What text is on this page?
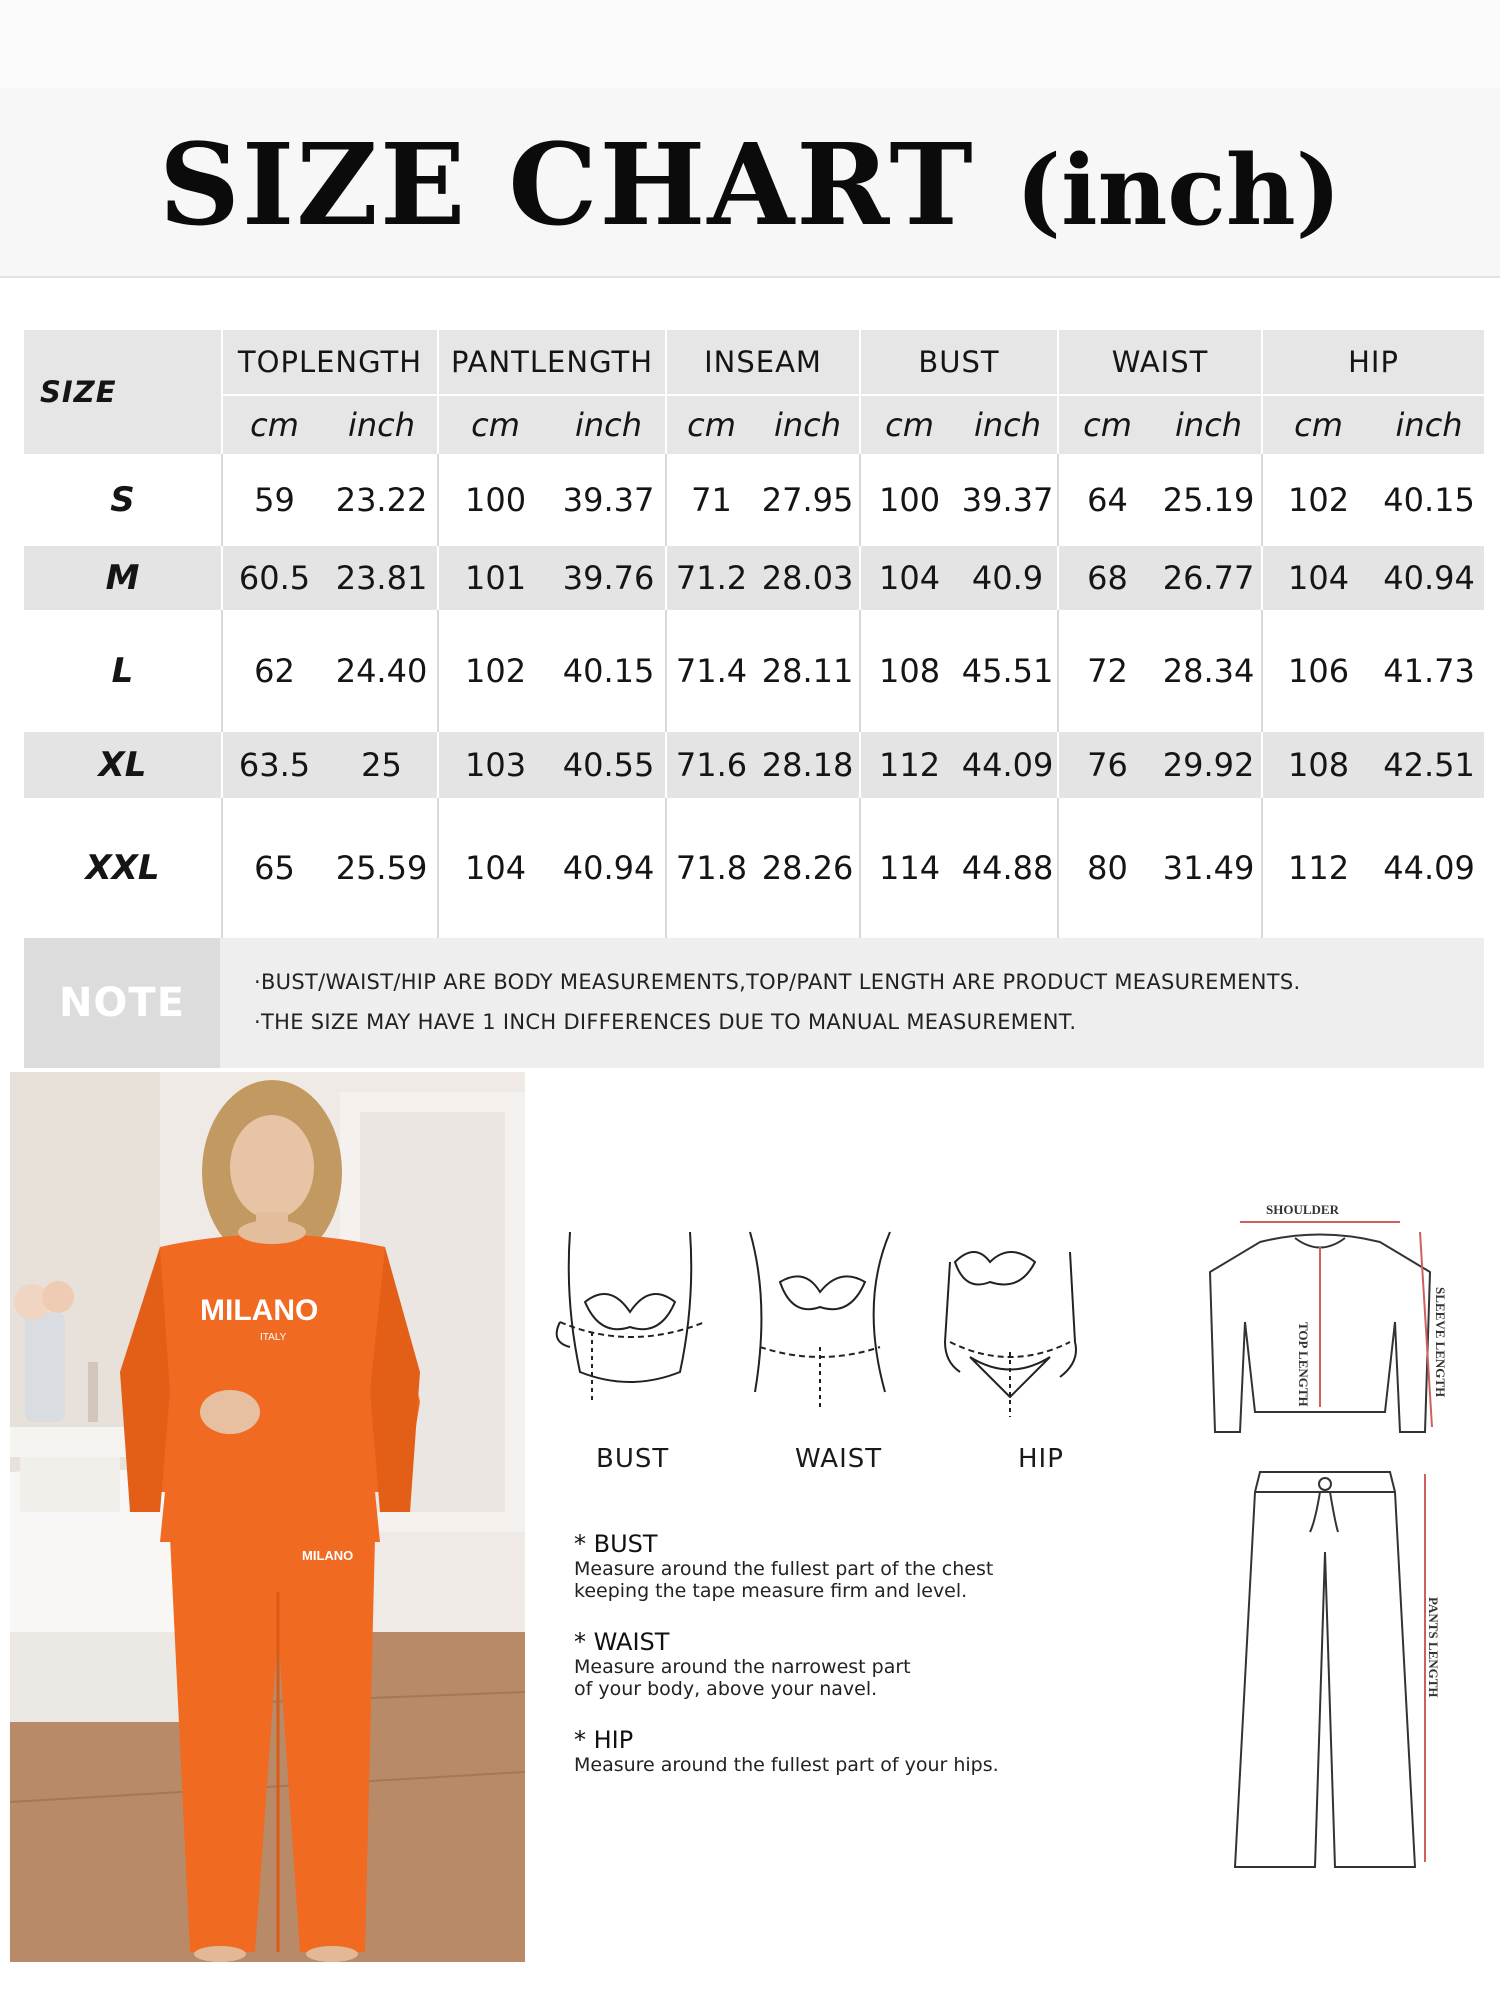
SIZE CHART (inch)
SIZE	TOPLENGTH		PANTLENGTH		INSEAM		BUST		WAIST		HIP	
	cm	inch	cm	inch	cm	inch	cm	inch	cm	inch	cm	inch
S	59	23.22	100	39.37	71	27.95	100	39.37	64	25.19	102	40.15
M	60.5	23.81	101	39.76	71.2	28.03	104	40.9	68	26.77	104	40.94
L	62	24.40	102	40.15	71.4	28.11	108	45.51	72	28.34	106	41.73
XL	63.5	25	103	40.55	71.6	28.18	112	44.09	76	29.92	108	42.51
XXL	65	25.59	104	40.94	71.8	28.26	114	44.88	80	31.49	112	44.09
NOTE	·BUST/WAIST/HIP ARE BODY MEASUREMENTS,TOP/PANT LENGTH ARE PRODUCT MEASUREMENTS.
·THE SIZE MAY HAVE 1 INCH DIFFERENCES DUE TO MANUAL MEASUREMENT.
MILANO
ITALY
MILANO
BUST	WAIST	HIP
SHOULDER
TOP LENGTH	SLEEVE LENGTH
PANTS LENGTH
* BUST
Measure around the fullest part of the chest
keeping the tape measure firm and level.
* WAIST
Measure around the narrowest part
of your body, above your navel.
* HIP
Measure around the fullest part of your hips.
